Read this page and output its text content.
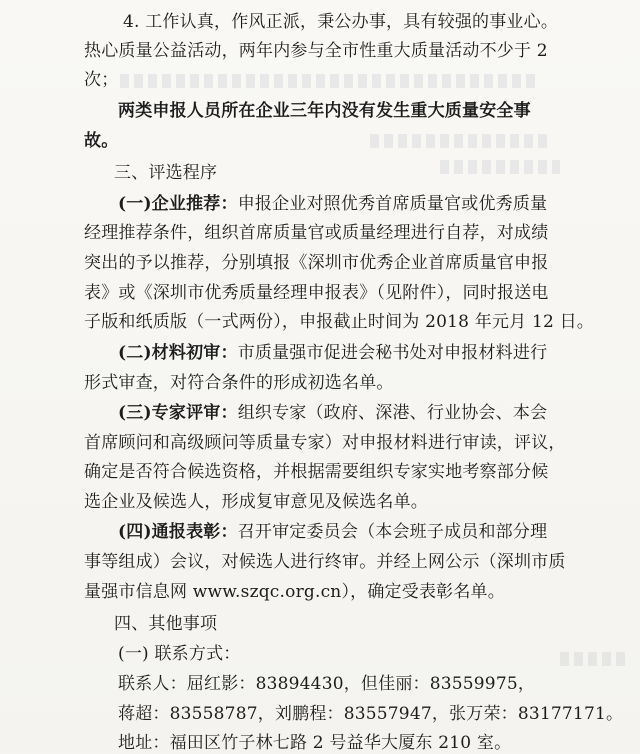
4. 工作认真，作风正派，秉公办事，具有较强的事业心。
热心质量公益活动，两年内参与全市性重大质量活动不少于 2
次；
两类申报人员所在企业三年内没有发生重大质量安全事
故。
三、评选程序
(一)企业推荐：申报企业对照优秀首席质量官或优秀质量
经理推荐条件，组织首席质量官或质量经理进行自荐，对成绩
突出的予以推荐，分别填报《深圳市优秀企业首席质量官申报
表》或《深圳市优秀质量经理申报表》（见附件），同时报送电
子版和纸质版（一式两份），申报截止时间为 2018 年元月 12 日。
(二)材料初审：市质量强市促进会秘书处对申报材料进行
形式审查，对符合条件的形成初选名单。
(三)专家评审：组织专家（政府、深港、行业协会、本会
首席顾问和高级顾问等质量专家）对申报材料进行审读，评议，
确定是否符合候选资格，并根据需要组织专家实地考察部分候
选企业及候选人，形成复审意见及候选名单。
(四)通报表彰：召开审定委员会（本会班子成员和部分理
事等组成）会议，对候选人进行终审。并经上网公示（深圳市质
量强市信息网 www.szqc.org.cn），确定受表彰名单。
四、其他事项
(一) 联系方式：
联系人：屈红影：83894430，但佳丽：83559975，
蒋超：83558787，刘鹏程：83557947，张万荣：83177171。
地址：福田区竹子林七路 2 号益华大厦东 210 室。
